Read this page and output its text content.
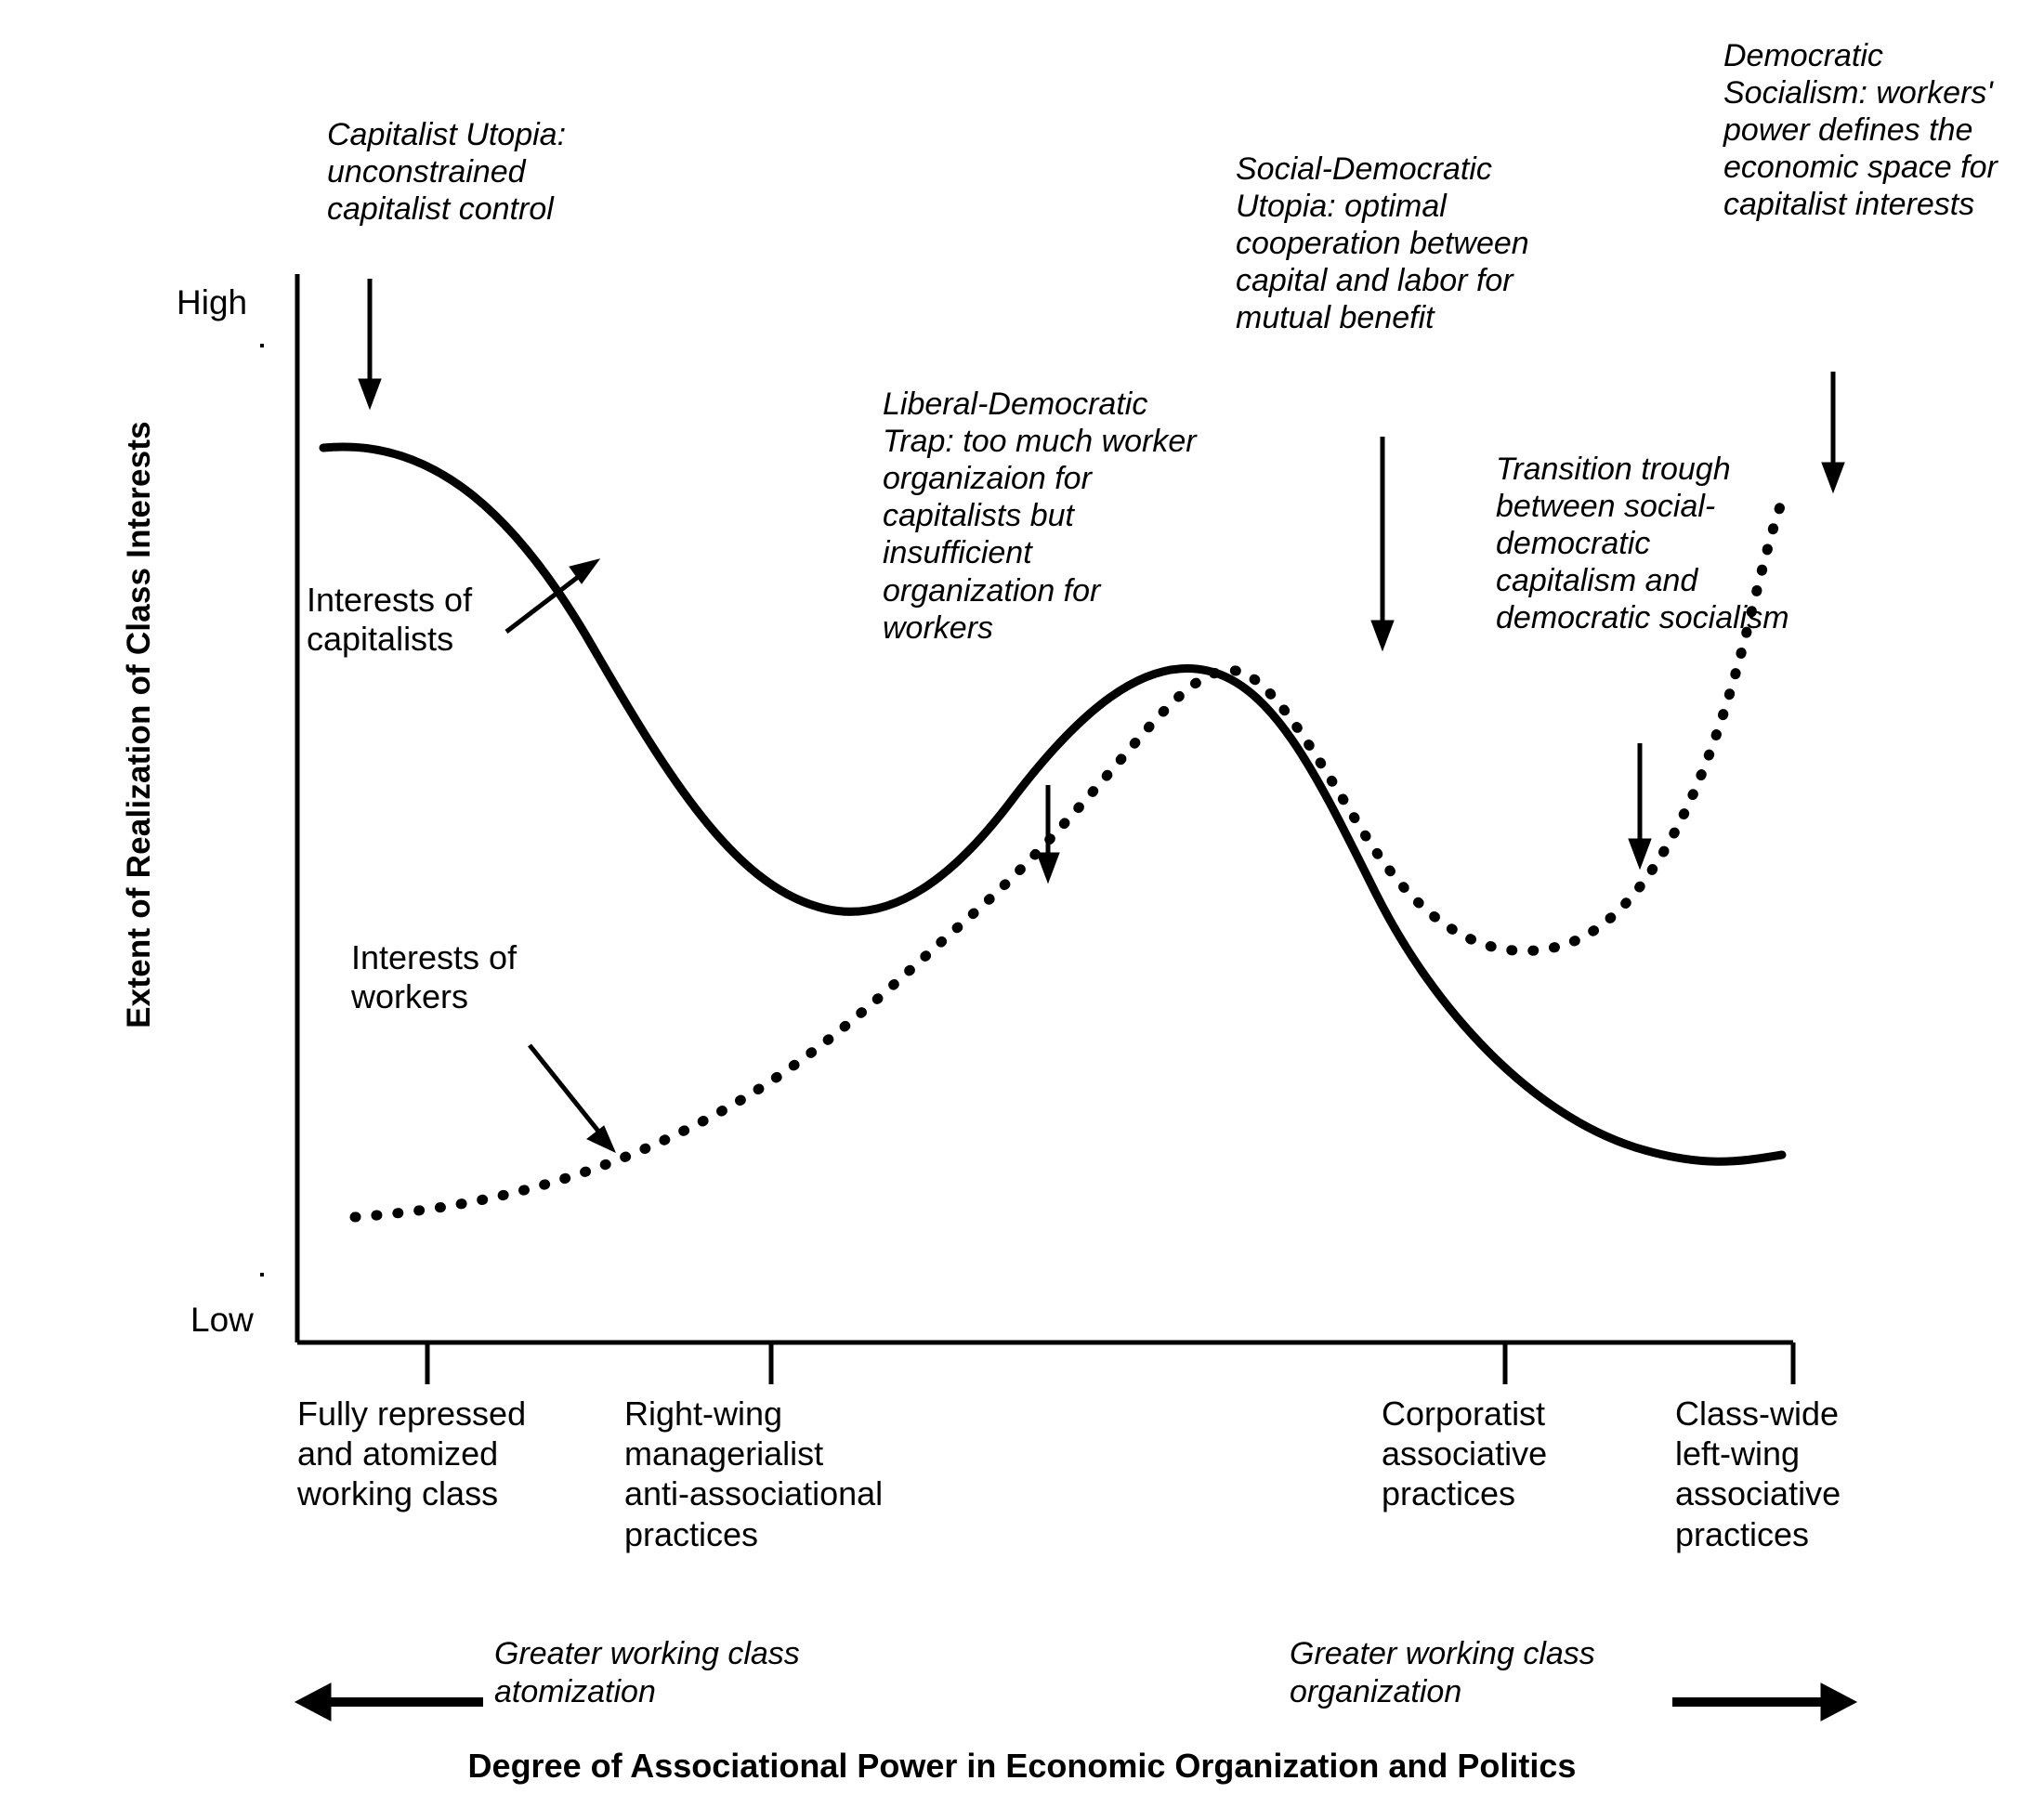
Extent of Realization of Class Interests
High
Low
Capitalist Utopia: unconstrained capitalist control
Liberal-Democratic Trap: too much worker organizaion for capitalists but insufficient organization for workers
Social-Democratic Utopia: optimal cooperation between capital and labor for mutual benefit
Transition trough between social-democratic capitalism and democratic socialism
Democratic Socialism: workers' power defines the economic space for capitalist interests
Interests of capitalists
Interests of workers
Fully repressed
and atomized
working class
Right-wing
managerialist
anti-associational
practices
Corporatist
associative
practices
Class-wide
left-wing
associative
practices
Greater working class atomization
Greater working class organization
Degree of Associational Power in Economic Organization and Politics
